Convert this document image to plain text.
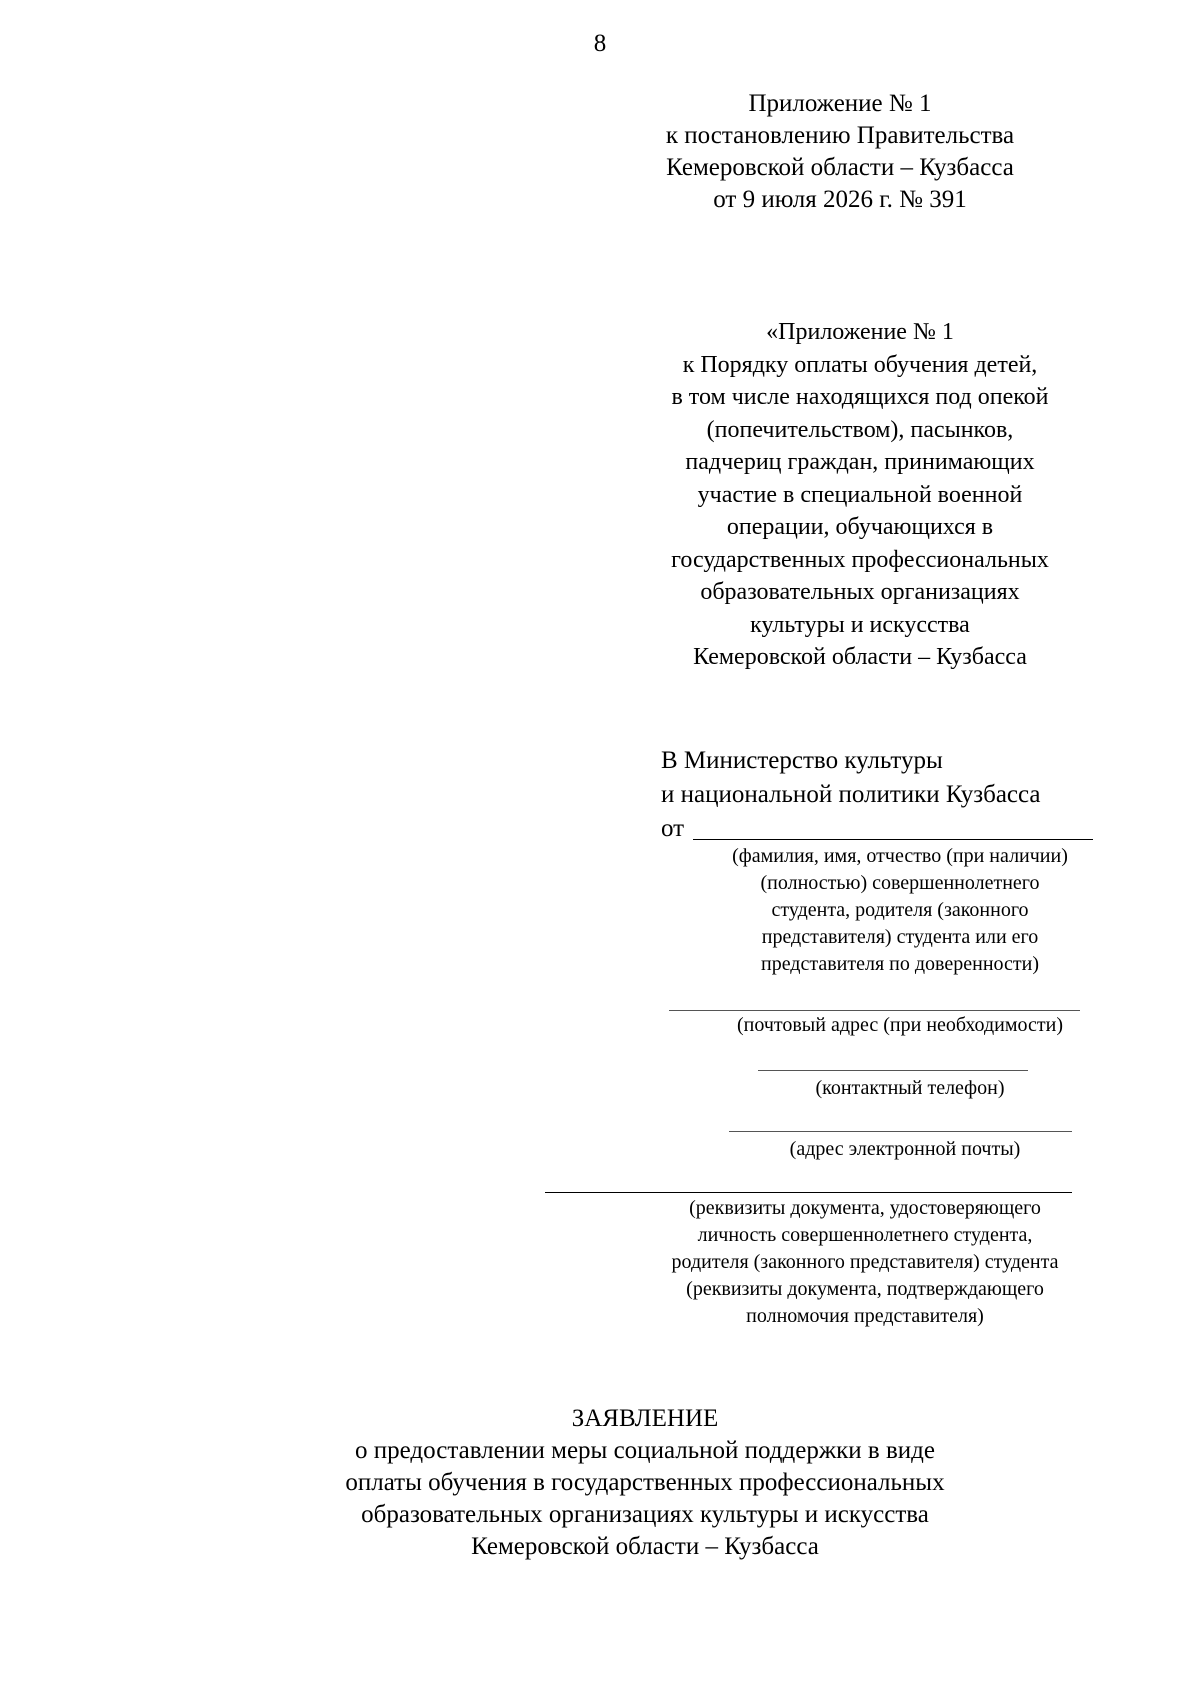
8
Приложение № 1
к постановлению Правительства
Кемеровской области – Кузбасса
от 9 июля 2026 г. № 391
«Приложение № 1
к Порядку оплаты обучения детей,
в том числе находящихся под опекой
(попечительством), пасынков,
падчериц граждан, принимающих
участие в специальной военной
операции, обучающихся в
государственных профессиональных
образовательных организациях
культуры и искусства
Кемеровской области – Кузбасса
В Министерство культуры
и национальной политики Кузбасса
от
(фамилия, имя, отчество (при наличии)
(полностью) совершеннолетнего
студента, родителя (законного
представителя) студента или его
представителя по доверенности)
(почтовый адрес (при необходимости)
(контактный телефон)
(адрес электронной почты)
(реквизиты документа, удостоверяющего
личность совершеннолетнего студента,
родителя (законного представителя) студента
(реквизиты документа, подтверждающего
полномочия представителя)
ЗАЯВЛЕНИЕ
о предоставлении меры социальной поддержки в виде
оплаты обучения в государственных профессиональных
образовательных организациях культуры и искусства
Кемеровской области – Кузбасса
